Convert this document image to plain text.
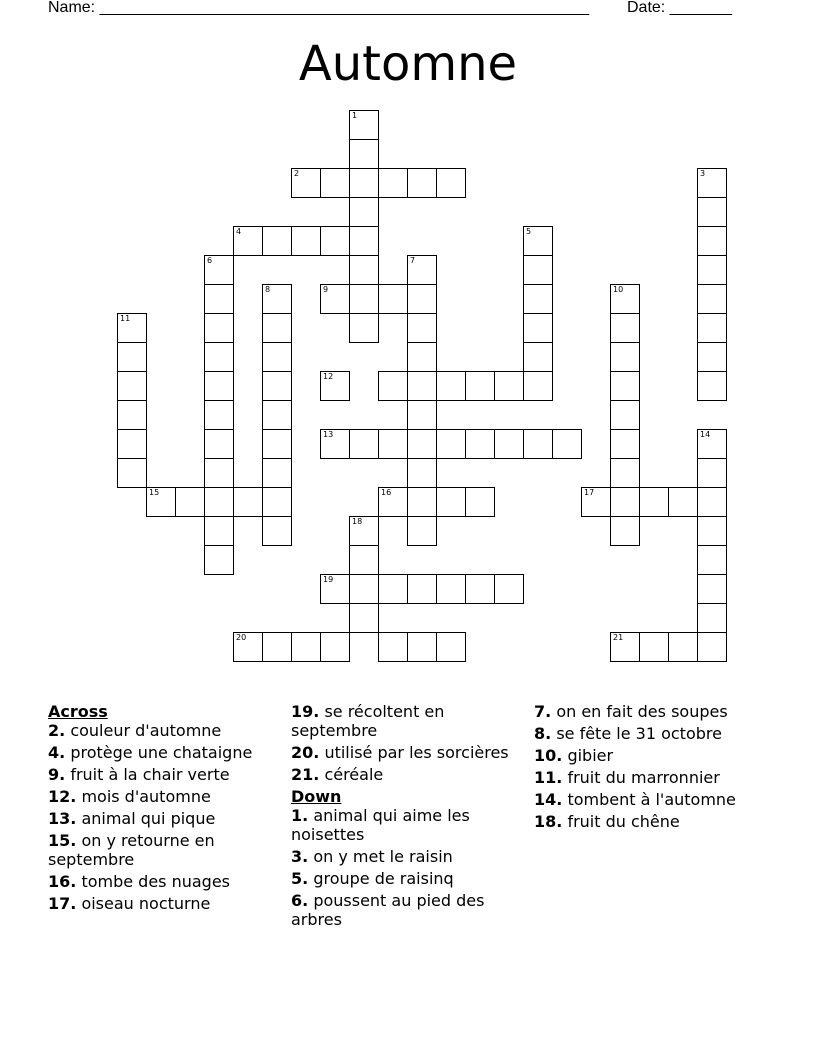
Name: _______________________________________________________ Date: _______
Automne
1
2	3
4	5
6	7
8	9	10
11
12
13	14
15	16	17
18
19
20	21
Across
2. couleur d'automne
4. protège une chataigne
9. fruit à la chair verte
12. mois d'automne
13. animal qui pique
15. on y retourne en septembre
16. tombe des nuages
17. oiseau nocturne
19. se récoltent en septembre
20. utilisé par les sorcières
21. céréale
Down
1. animal qui aime les noisettes
3. on y met le raisin
5. groupe de raisinq
6. poussent au pied des arbres
7. on en fait des soupes
8. se fête le 31 octobre
10. gibier
11. fruit du marronnier
14. tombent à l'automne
18. fruit du chêne
